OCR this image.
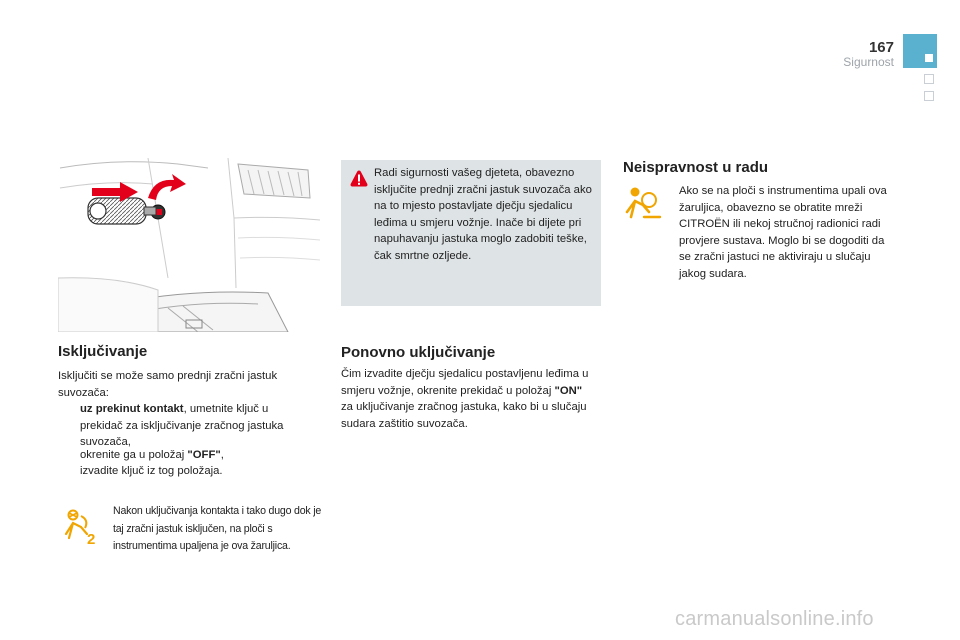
167
Sigurnost
Isključivanje
Isključiti se može samo prednji zračni jastuk suvozača:
uz prekinut kontakt, umetnite ključ u prekidač za isključivanje zračnog jastuka suvozača,
okrenite ga u položaj "OFF",
izvadite ključ iz tog položaja.
2
Nakon uključivanja kontakta i tako dugo dok je taj zračni jastuk isključen, na ploči s instrumentima upaljena je ova žaruljica.
Radi sigurnosti vašeg djeteta, obavezno isključite prednji zračni jastuk suvozača ako na to mjesto postavljate dječju sjedalicu leđima u smjeru vožnje. Inače bi dijete pri napuhavanju jastuka moglo zadobiti teške, čak smrtne ozljede.
Ponovno uključivanje
Čim izvadite dječju sjedalicu postavljenu leđima u smjeru vožnje, okrenite prekidač u položaj "ON" za uključivanje zračnog jastuka, kako bi u slučaju sudara zaštitio suvozača.
Neispravnost u radu
Ako se na ploči s instrumentima upali ova žaruljica, obavezno se obratite mreži CITROËN ili nekoj stručnoj radionici radi provjere sustava. Moglo bi se dogoditi da se zračni jastuci ne aktiviraju u slučaju jakog sudara.
carmanualsonline.info
